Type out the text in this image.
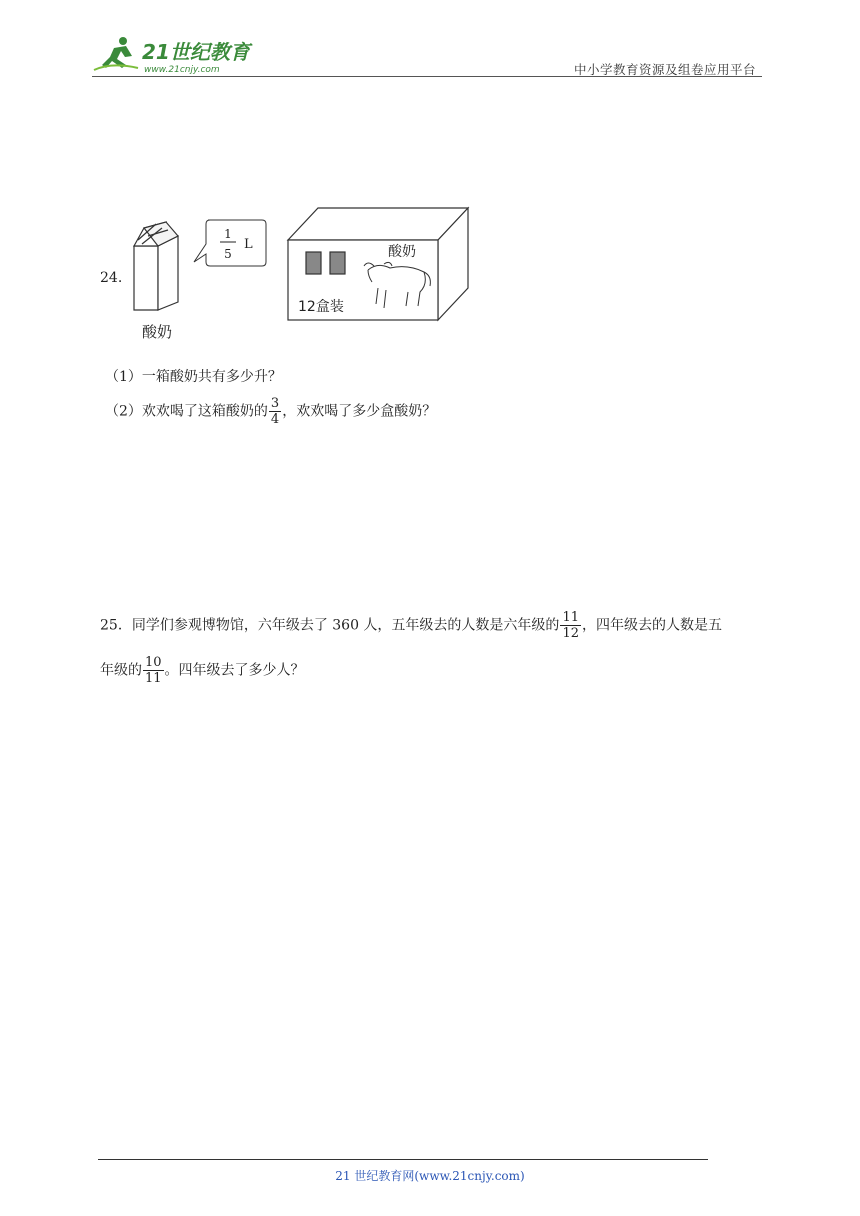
21世纪教育
www.21cnjy.com	中小学教育资源及组卷应用平台
24.
酸奶
1
5
L	酸奶
12盒装
（1）一箱酸奶共有多少升？
（2）欢欢喝了这箱酸奶的 $\frac{3}{4}$ ，欢欢喝了多少盒酸奶？
25．同学们参观博物馆，六年级去了 360 人，五年级去的人数是六年级的 $\frac{11}{12}$ ，四年级去的人数是五
年级的 $\frac{10}{11}$ 。四年级去了多少人？
21 世纪教育网(www.21cnjy.com)
